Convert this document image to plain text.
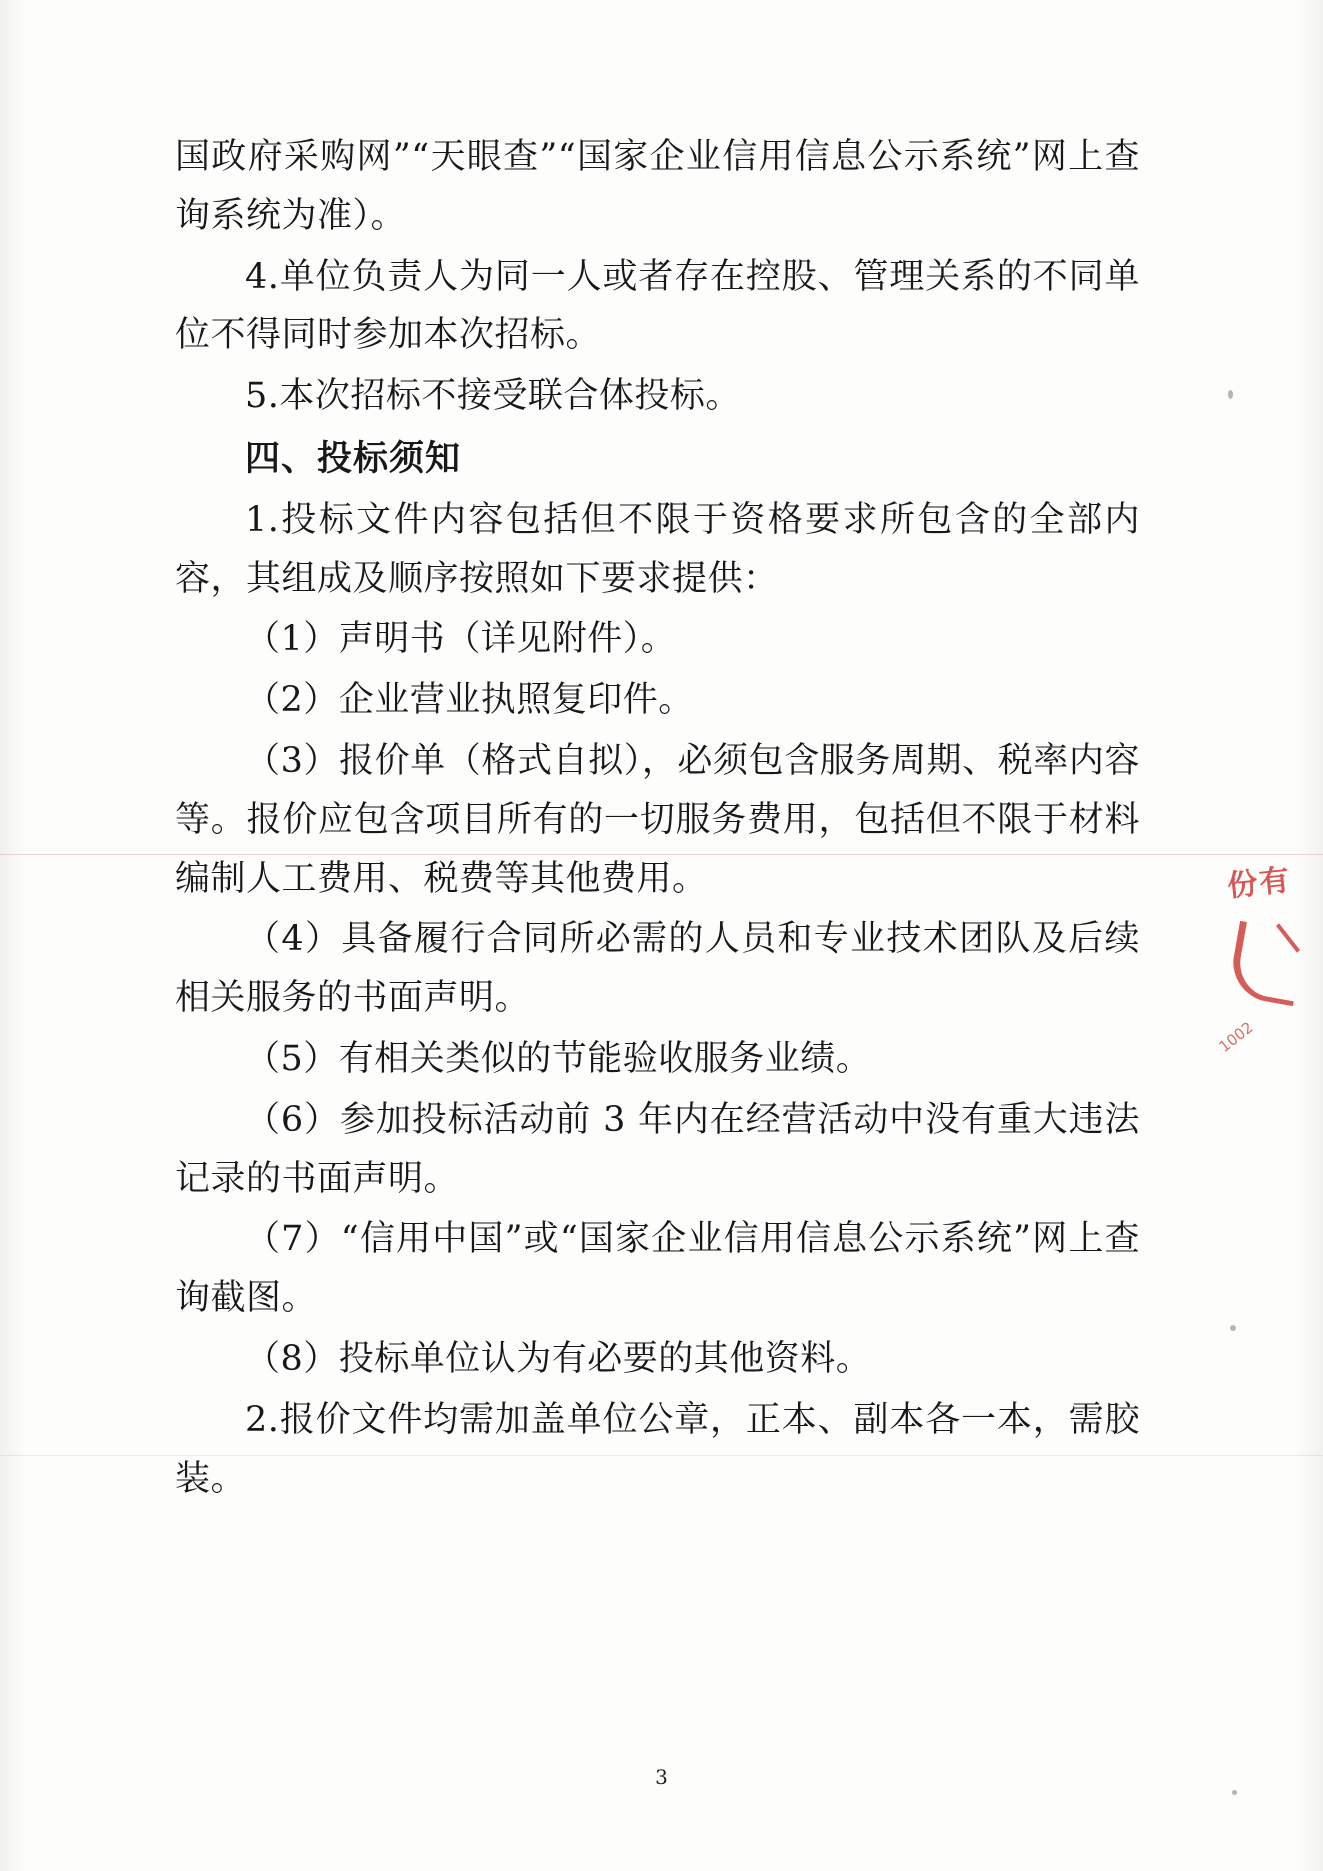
国政府采购网”“天眼查”“国家企业信用信息公示系统”网上查询系统为准）。

4.单位负责人为同一人或者存在控股、管理关系的不同单位不得同时参加本次招标。

5.本次招标不接受联合体投标。

四、投标须知

1.投标文件内容包括但不限于资格要求所包含的全部内容，其组成及顺序按照如下要求提供：

（1）声明书（详见附件）。

（2）企业营业执照复印件。

（3）报价单（格式自拟），必须包含服务周期、税率内容等。报价应包含项目所有的一切服务费用，包括但不限于材料编制人工费用、税费等其他费用。

（4）具备履行合同所必需的人员和专业技术团队及后续相关服务的书面声明。

（5）有相关类似的节能验收服务业绩。

（6）参加投标活动前 3 年内在经营活动中没有重大违法记录的书面声明。

（7）“信用中国”或“国家企业信用信息公示系统”网上查询截图。

（8）投标单位认为有必要的其他资料。

2.报价文件均需加盖单位公章，正本、副本各一本，需胶装。

份有
1002
3
